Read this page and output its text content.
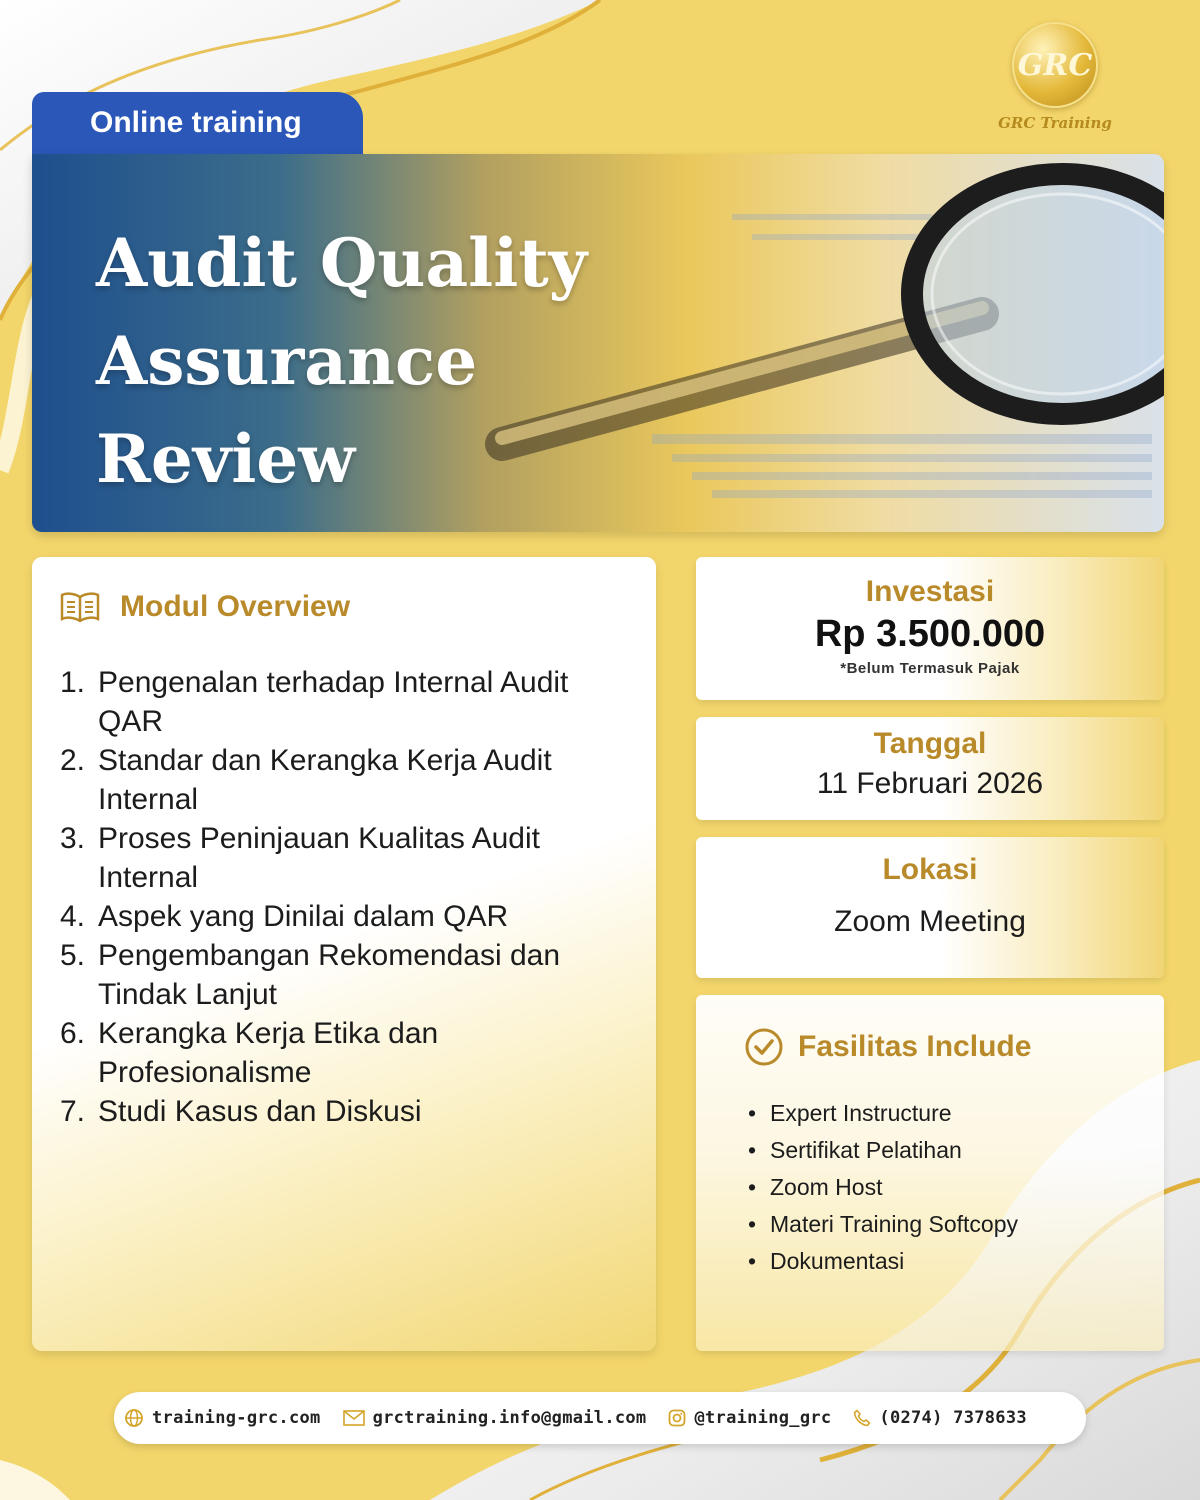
GRC
GRC Training
Online training
Audit Quality
Assurance
Review
Modul Overview
1. Pengenalan terhadap Internal Audit QAR
2. Standar dan Kerangka Kerja Audit Internal
3. Proses Peninjauan Kualitas Audit Internal
4. Aspek yang Dinilai dalam QAR
5. Pengembangan Rekomendasi dan Tindak Lanjut
6. Kerangka Kerja Etika dan Profesionalisme
7. Studi Kasus dan Diskusi
Investasi
Rp 3.500.000
*Belum Termasuk Pajak
Tanggal
11 Februari 2026
Lokasi
Zoom Meeting
Fasilitas Include
• Expert Instructure
• Sertifikat Pelatihan
• Zoom Host
• Materi Training Softcopy
• Dokumentasi
training-grc.com	grctraining.info@gmail.com	@training_grc	(0274) 7378633
